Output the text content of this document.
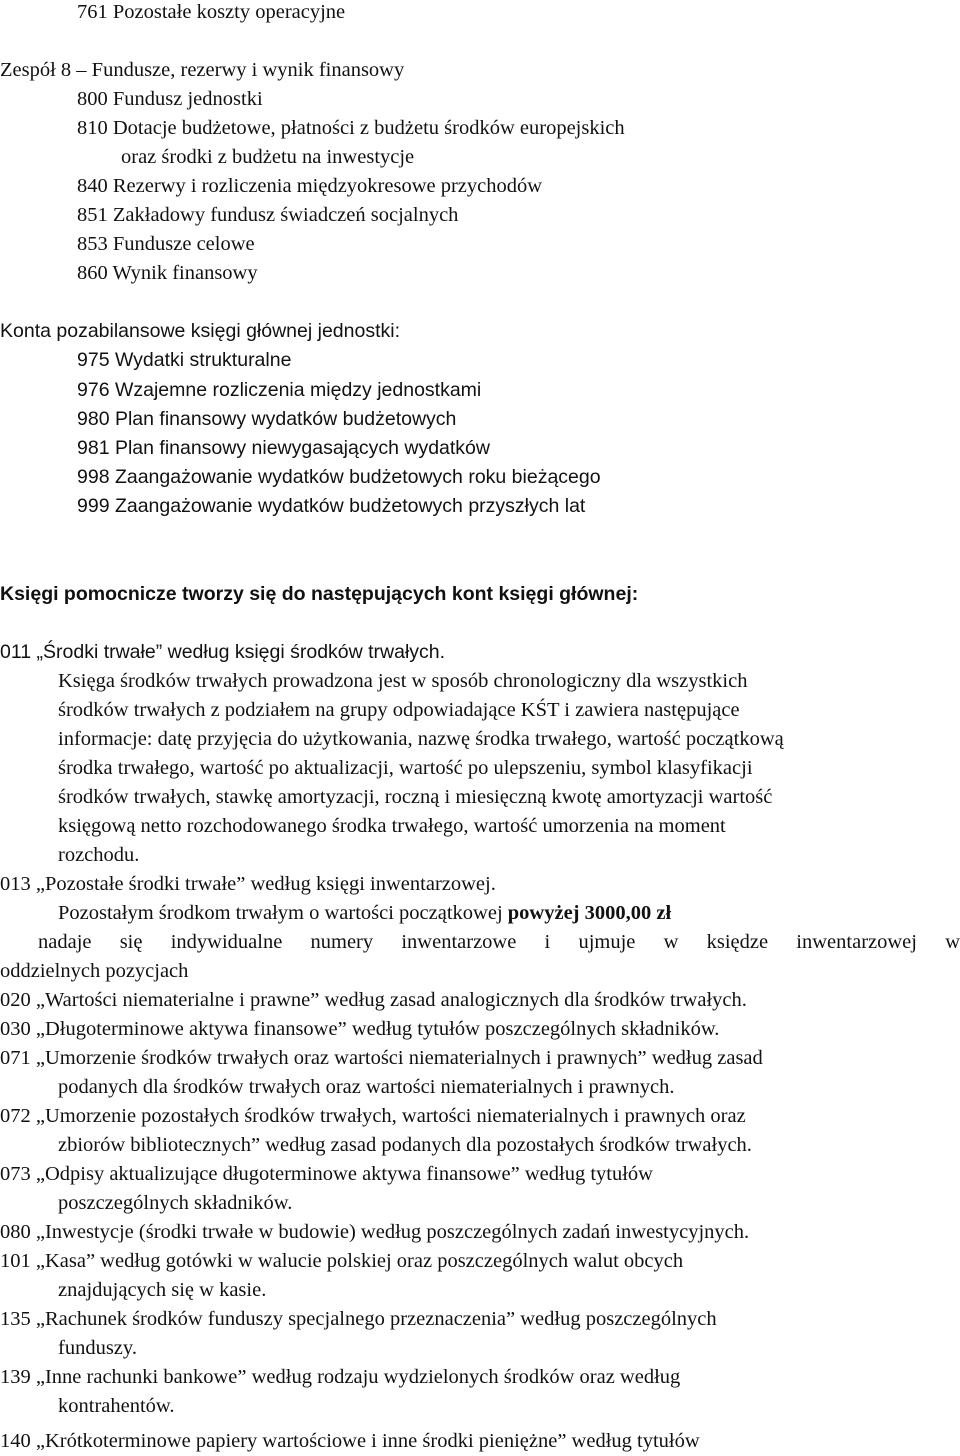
761 Pozostałe koszty operacyjne
Zespół 8 – Fundusze, rezerwy i wynik finansowy
800 Fundusz jednostki
810 Dotacje budżetowe, płatności z budżetu środków europejskich
oraz środki z budżetu na inwestycje
840 Rezerwy i rozliczenia międzyokresowe przychodów
851 Zakładowy fundusz świadczeń socjalnych
853 Fundusze celowe
860 Wynik finansowy
Konta pozabilansowe księgi głównej jednostki:
975 Wydatki strukturalne
976 Wzajemne rozliczenia między jednostkami
980 Plan finansowy wydatków budżetowych
981 Plan finansowy niewygasających wydatków
998 Zaangażowanie wydatków budżetowych roku bieżącego
999 Zaangażowanie wydatków budżetowych przyszłych lat
Księgi pomocnicze tworzy się do następujących kont księgi głównej:
011 „Środki trwałe” według księgi środków trwałych.
Księga środków trwałych prowadzona jest w sposób chronologiczny dla wszystkich
środków trwałych z podziałem na grupy odpowiadające KŚT i zawiera następujące
informacje: datę przyjęcia do użytkowania, nazwę środka trwałego, wartość początkową
środka trwałego, wartość po aktualizacji, wartość po ulepszeniu, symbol klasyfikacji
środków trwałych, stawkę amortyzacji, roczną i miesięczną kwotę amortyzacji wartość
księgową netto rozchodowanego środka trwałego, wartość umorzenia na moment
rozchodu.
013 „Pozostałe środki trwałe” według księgi inwentarzowej.
Pozostałym środkom trwałym o wartości początkowej powyżej 3000,00 zł
nadaje się indywidualne numery inwentarzowe i ujmuje w księdze inwentarzowej w
oddzielnych pozycjach
020 „Wartości niematerialne i prawne” według zasad analogicznych dla środków trwałych.
030 „Długoterminowe aktywa finansowe” według tytułów poszczególnych składników.
071 „Umorzenie środków trwałych oraz wartości niematerialnych i prawnych” według zasad
podanych dla środków trwałych oraz wartości niematerialnych i prawnych.
072 „Umorzenie pozostałych środków trwałych, wartości niematerialnych i prawnych oraz
zbiorów bibliotecznych” według zasad podanych dla pozostałych środków trwałych.
073 „Odpisy aktualizujące długoterminowe aktywa finansowe” według tytułów
poszczególnych składników.
080 „Inwestycje (środki trwałe w budowie) według poszczególnych zadań inwestycyjnych.
101 „Kasa” według gotówki w walucie polskiej oraz poszczególnych walut obcych
znajdujących się w kasie.
135 „Rachunek środków funduszy specjalnego przeznaczenia” według poszczególnych
funduszy.
139 „Inne rachunki bankowe” według rodzaju wydzielonych środków oraz według
kontrahentów.
140 „Krótkoterminowe papiery wartościowe i inne środki pieniężne” według tytułów
